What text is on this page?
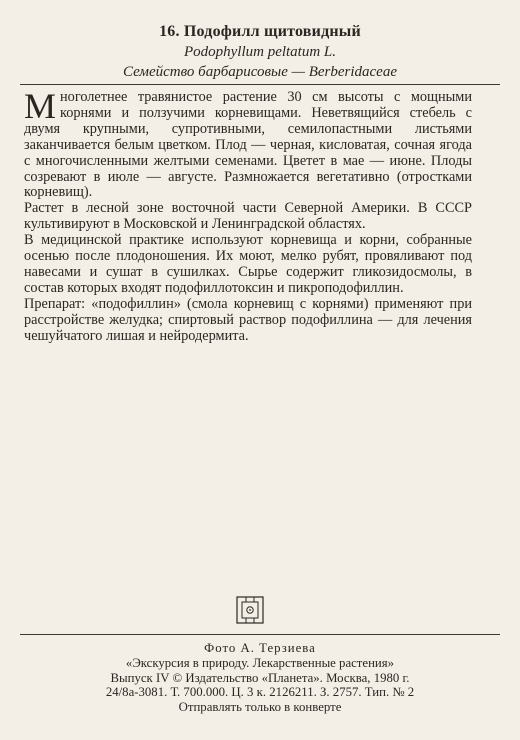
16. Подофилл щитовидный
Podophyllum peltatum L.
Семейство барбарисовые — Berberidaceae

Многолетнее травянистое растение 30 см высоты с мощными корнями и ползучими корневищами. Неветвящийся стебель с двумя крупными, супротивными, семилопастными листьями заканчивается белым цветком. Плод — черная, кисловатая, сочная ягода с многочисленными желтыми семенами. Цветет в мае — июне. Плоды созревают в июле — августе. Размножается вегетативно (отростками корневищ).

Растет в лесной зоне восточной части Северной Америки. В СССР культивируют в Московской и Ленинградской областях.

В медицинской практике используют корневища и корни, собранные осенью после плодоношения. Их моют, мелко рубят, провяливают под навесами и сушат в сушилках. Сырье содержит гликозидосмолы, в состав которых входят подофиллотоксин и пикроподофиллин.

Препарат: «подофиллин» (смола корневищ с корнями) применяют при расстройстве желудка; спиртовый раствор подофиллина — для лечения чешуйчатого лишая и нейродермита.

Фото А. Терзиева
«Экскурсия в природу. Лекарственные растения»
Выпуск IV © Издательство «Планета». Москва, 1980 г.
24/8а-3081. Т. 700.000. Ц. 3 к. 2126211. З. 2757. Тип. № 2
Отправлять только в конверте
